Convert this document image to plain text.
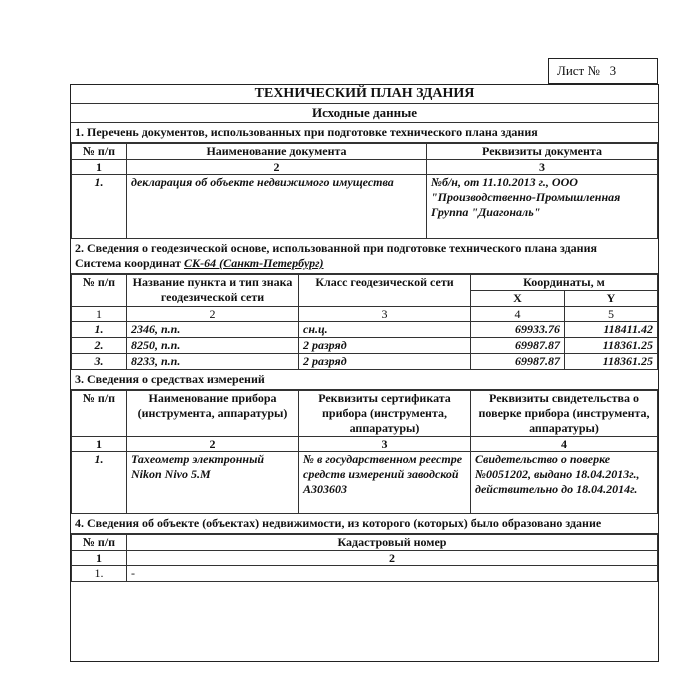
Лист № 3
ТЕХНИЧЕСКИЙ ПЛАН ЗДАНИЯ
Исходные данные
1. Перечень документов, использованных при подготовке технического плана здания
№ п/п	Наименование документа	Реквизиты документа
1	2	3
1.	декларация об объекте недвижимого имущества	№б/н, от 11.10.2013 г., ООО "Производственно-Промышленная Группа "Диагональ"
2. Сведения о геодезической основе, использованной при подготовке технического плана здания
Система координат СК-64 (Санкт-Петербург)
№ п/п	Название пункта и тип знака геодезической сети	Класс геодезической сети	Координаты, м	
			X	Y
1	2	3	4	5
1.	2346, п.п.	сн.ц.	69933.76	118411.42
2.	8250, п.п.	2 разряд	69987.87	118361.25
3.	8233, п.п.	2 разряд	69987.87	118361.25
3. Сведения о средствах измерений
№ п/п	Наименование прибора (инструмента, аппаратуры)	Реквизиты сертификата прибора (инструмента, аппаратуры)	Реквизиты свидетельства о поверке прибора (инструмента, аппаратуры)
1	2	3	4
1.	Тахеометр электронный Nikon Nivo 5.M	№ в государственном реестре средств измерений заводской A303603	Свидетельство о поверке №0051202, выдано 18.04.2013г., действительно до 18.04.2014г.
4. Сведения об объекте (объектах) недвижимости, из которого (которых) было образовано здание
№ п/п	Кадастровый номер
1	2
1.	-
